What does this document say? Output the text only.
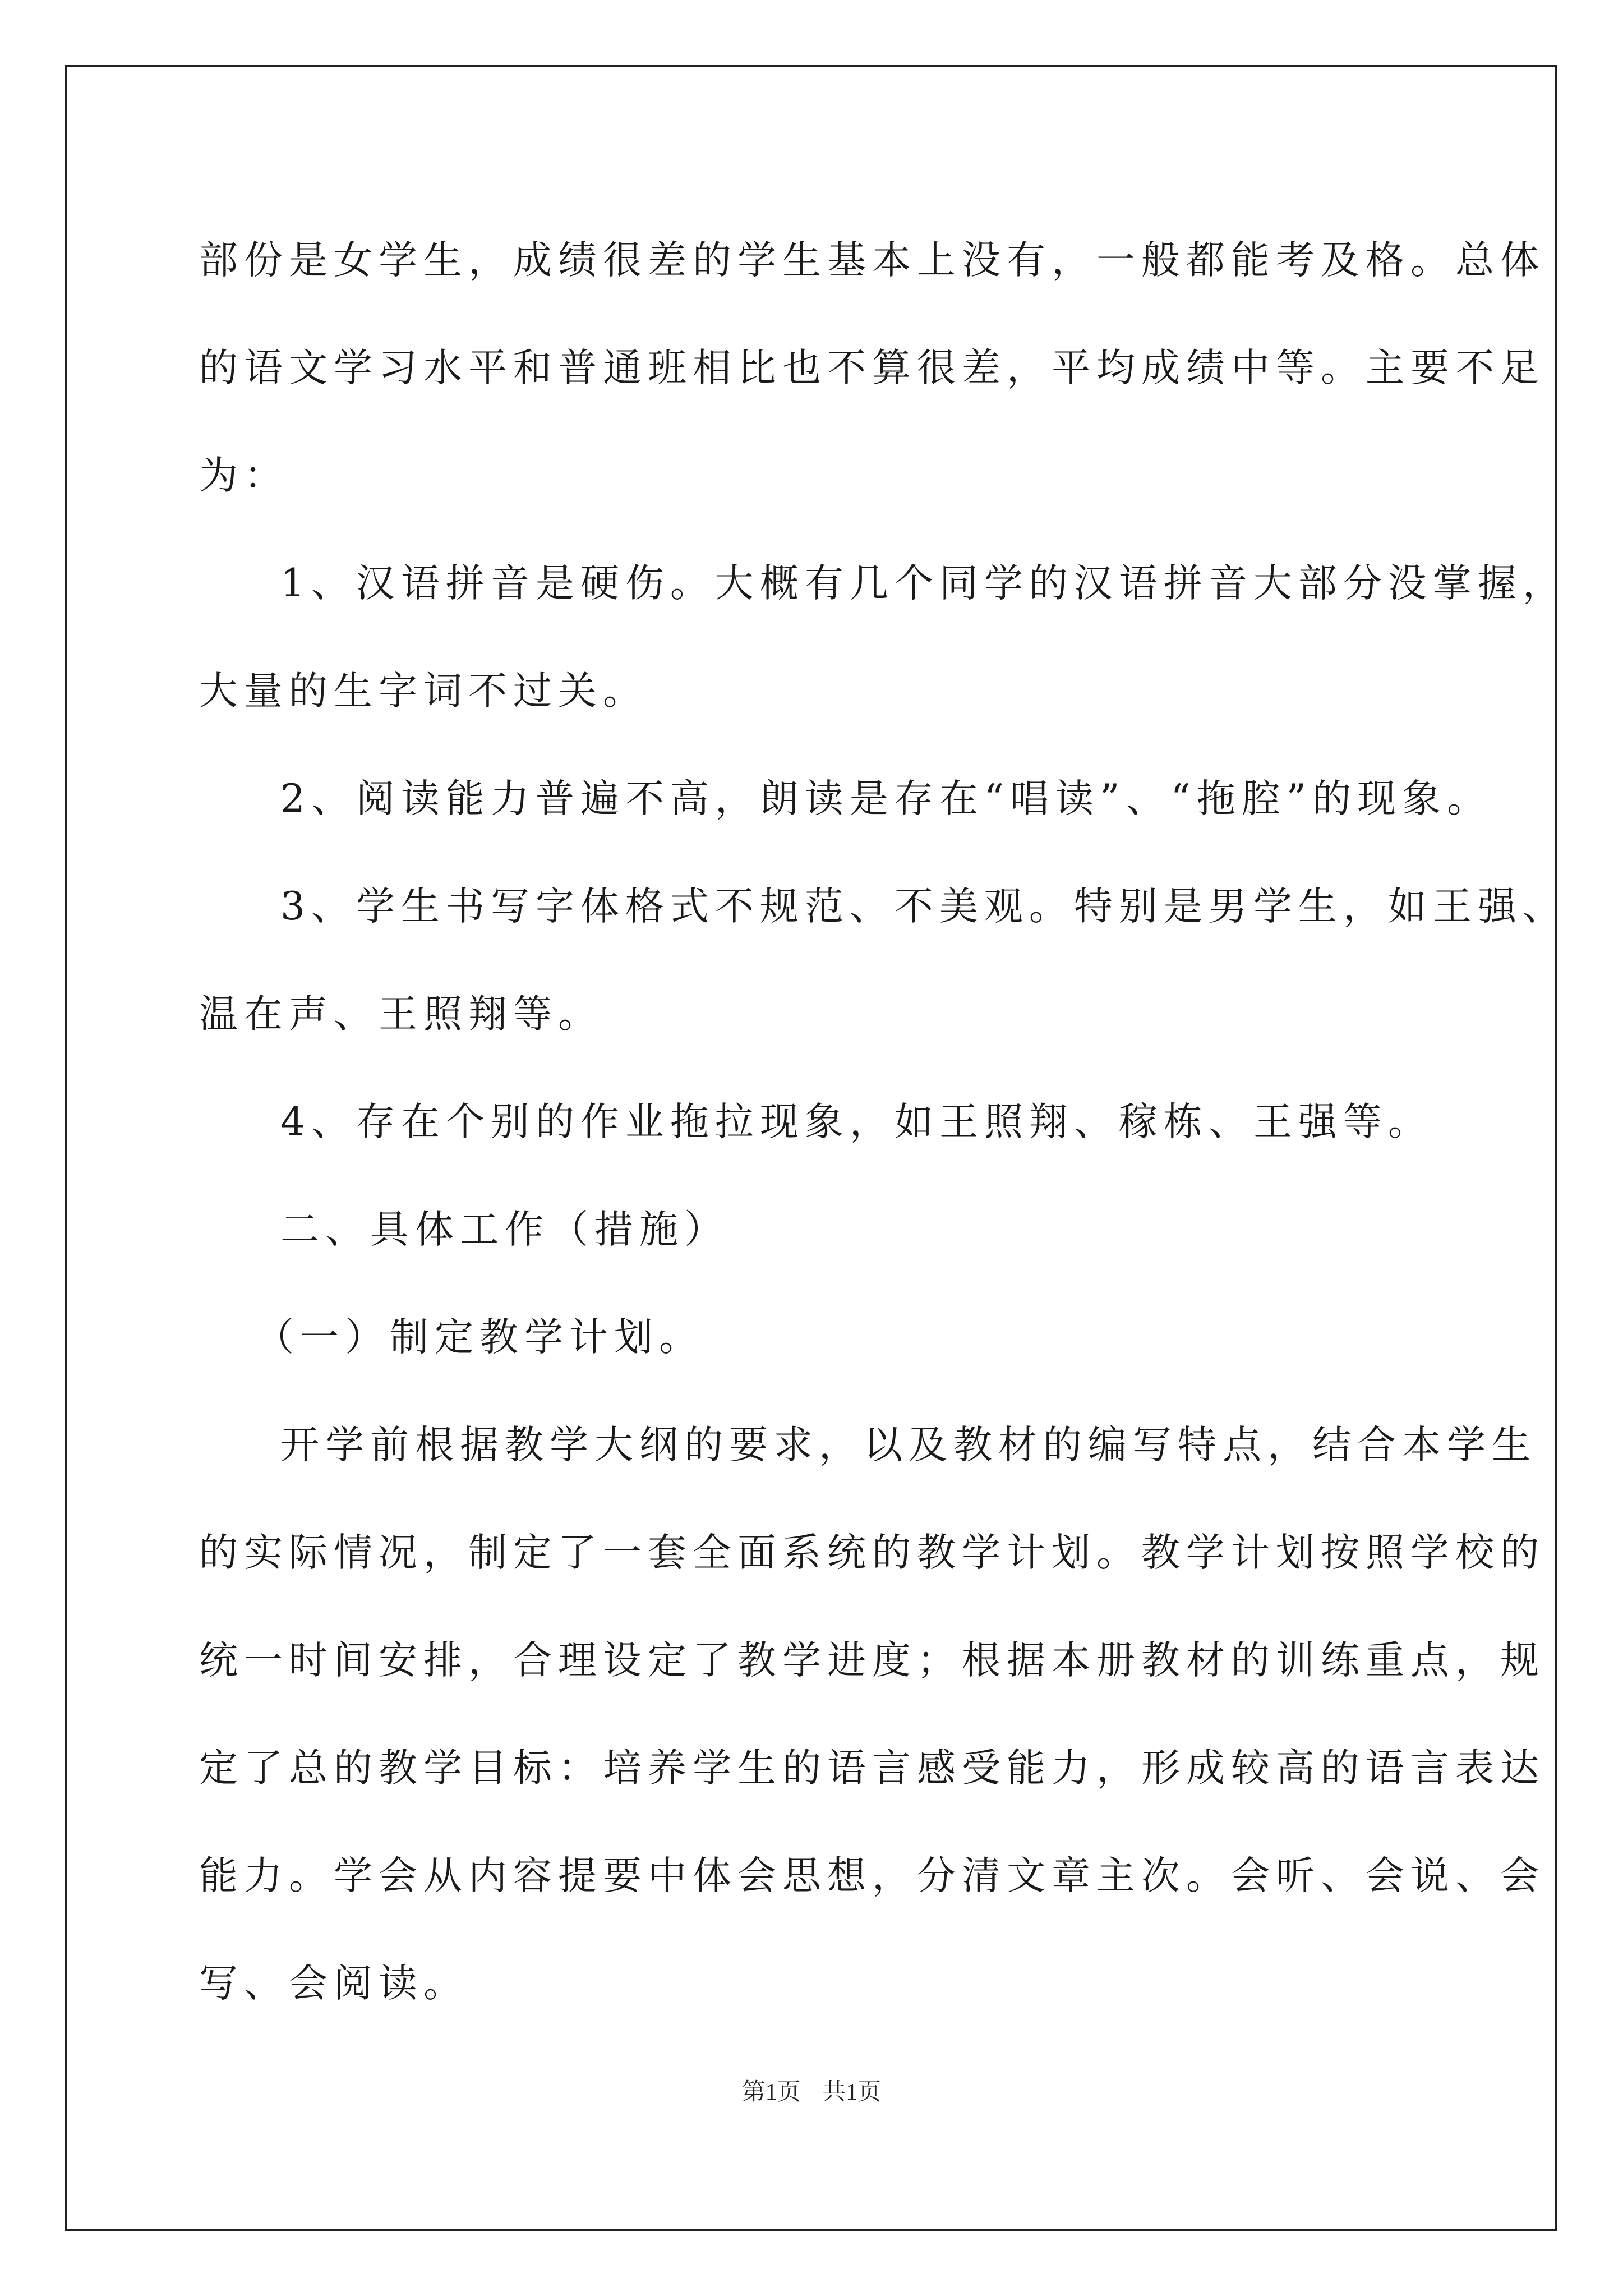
部份是女学生，成绩很差的学生基本上没有，一般都能考及格。总体
的语文学习水平和普通班相比也不算很差，平均成绩中等。主要不足
为：
1、汉语拼音是硬伤。大概有几个同学的汉语拼音大部分没掌握，
大量的生字词不过关。
2、阅读能力普遍不高，朗读是存在“唱读”、“拖腔”的现象。
3、学生书写字体格式不规范、不美观。特别是男学生，如王强、
温在声、王照翔等。
4、存在个别的作业拖拉现象，如王照翔、稼栋、王强等。
二、具体工作（措施）
（一）制定教学计划。
开学前根据教学大纲的要求，以及教材的编写特点，结合本学生
的实际情况，制定了一套全面系统的教学计划。教学计划按照学校的
统一时间安排，合理设定了教学进度；根据本册教材的训练重点，规
定了总的教学目标：培养学生的语言感受能力，形成较高的语言表达
能力。学会从内容提要中体会思想，分清文章主次。会听、会说、会
写、会阅读。
第1页 共1页
